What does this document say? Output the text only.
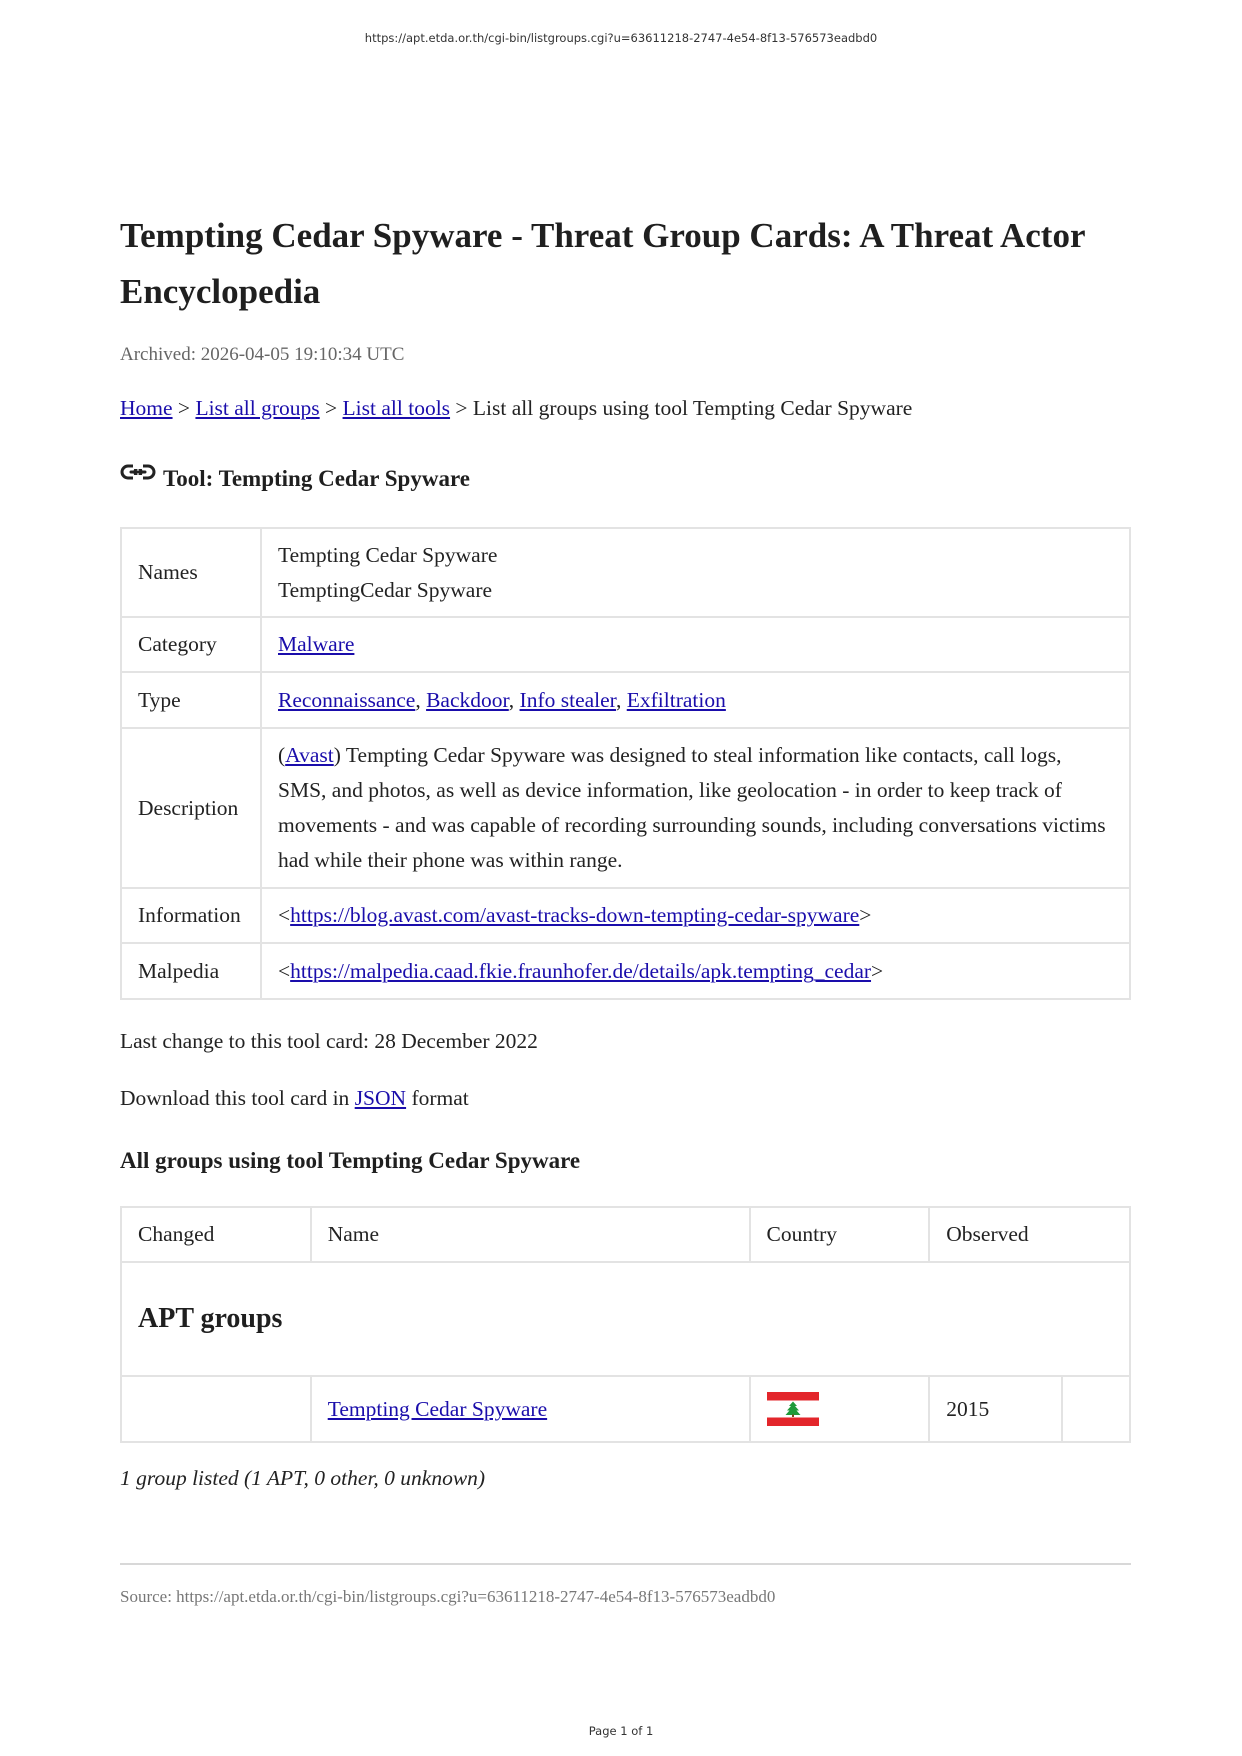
https://apt.etda.or.th/cgi-bin/listgroups.cgi?u=63611218-2747-4e54-8f13-576573eadbd0
Tempting Cedar Spyware - Threat Group Cards: A Threat Actor Encyclopedia
Archived: 2026-04-05 19:10:34 UTC
Home > List all groups > List all tools > List all groups using tool Tempting Cedar Spyware
Tool: Tempting Cedar Spyware
Names	Tempting Cedar Spyware
TemptingCedar Spyware

Category	Malware
Type	Reconnaissance, Backdoor, Info stealer, Exfiltration
Description	(Avast) Tempting Cedar Spyware was designed to steal information like contacts, call logs, SMS, and photos, as well as device information, like geolocation - in order to keep track of movements - and was capable of recording surrounding sounds, including conversations victims had while their phone was within range.
Information	<https://blog.avast.com/avast-tracks-down-tempting-cedar-spyware>
Malpedia	<https://malpedia.caad.fkie.fraunhofer.de/details/apk.tempting_cedar>
Last change to this tool card: 28 December 2022
Download this tool card in JSON format
All groups using tool Tempting Cedar Spyware
Changed	Name	Country	Observed	
APT groups				
	Tempting Cedar Spyware		2015	
1 group listed (1 APT, 0 other, 0 unknown)
Source: https://apt.etda.or.th/cgi-bin/listgroups.cgi?u=63611218-2747-4e54-8f13-576573eadbd0
Page 1 of 1
